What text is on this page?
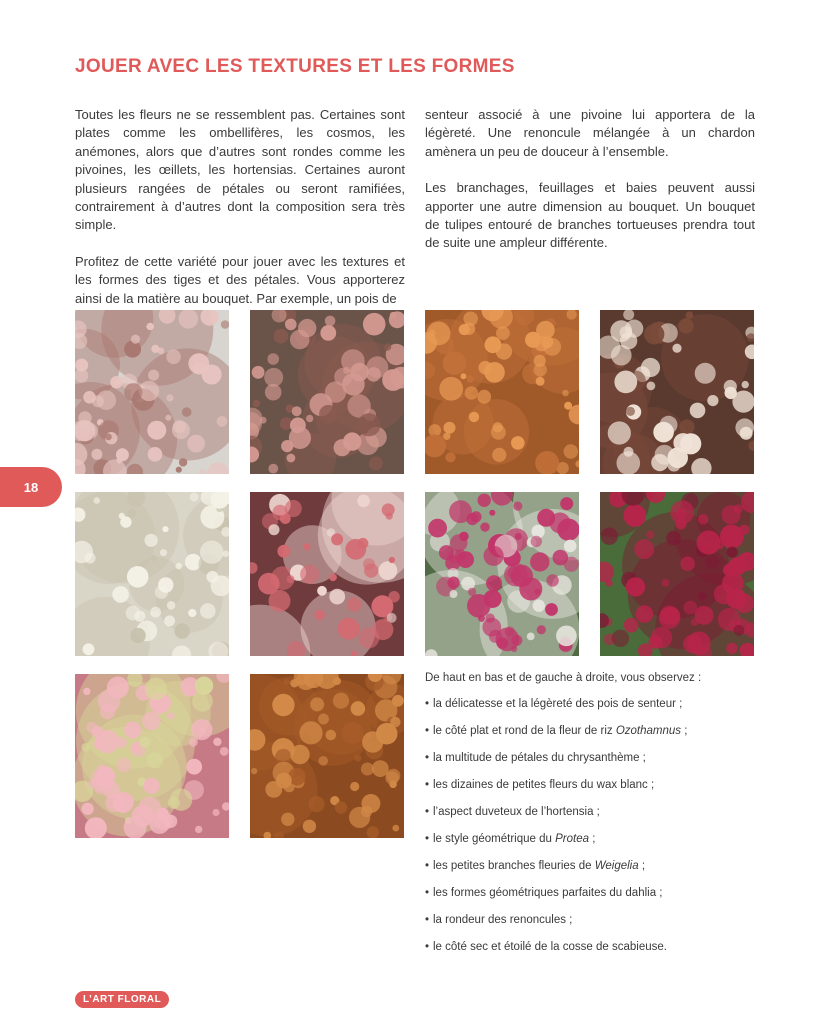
JOUER AVEC LES TEXTURES ET LES FORMES

Toutes les fleurs ne se ressemblent pas. Certaines sont plates comme les ombellifères, les cosmos, les anémones, alors que d’autres sont rondes comme les pivoines, les œillets, les hortensias. Certaines auront plusieurs rangées de pétales ou seront ramifiées, contrairement à d’autres dont la composition sera très simple.

Profitez de cette variété pour jouer avec les textures et les formes des tiges et des pétales. Vous apporterez ainsi de la matière au bouquet. Par exemple, un pois de

senteur associé à une pivoine lui apportera de la légèreté. Une renoncule mélangée à un chardon amènera un peu de douceur à l’ensemble.

Les branchages, feuillages et baies peuvent aussi apporter une autre dimension au bouquet. Un bouquet de tulipes entouré de branches tortueuses prendra tout de suite une ampleur différente.

18

De haut en bas et de gauche à droite, vous observez :

• la délicatesse et la légèreté des pois de senteur ;
• le côté plat et rond de la fleur de riz Ozothamnus ;
• la multitude de pétales du chrysanthème ;
• les dizaines de petites fleurs du wax blanc ;
• l’aspect duveteux de l’hortensia ;
• le style géométrique du Protea ;
• les petites branches fleuries de Weigelia ;
• les formes géométriques parfaites du dahlia ;
• la rondeur des renoncules ;
• le côté sec et étoilé de la cosse de scabieuse.
L’ART FLORAL
